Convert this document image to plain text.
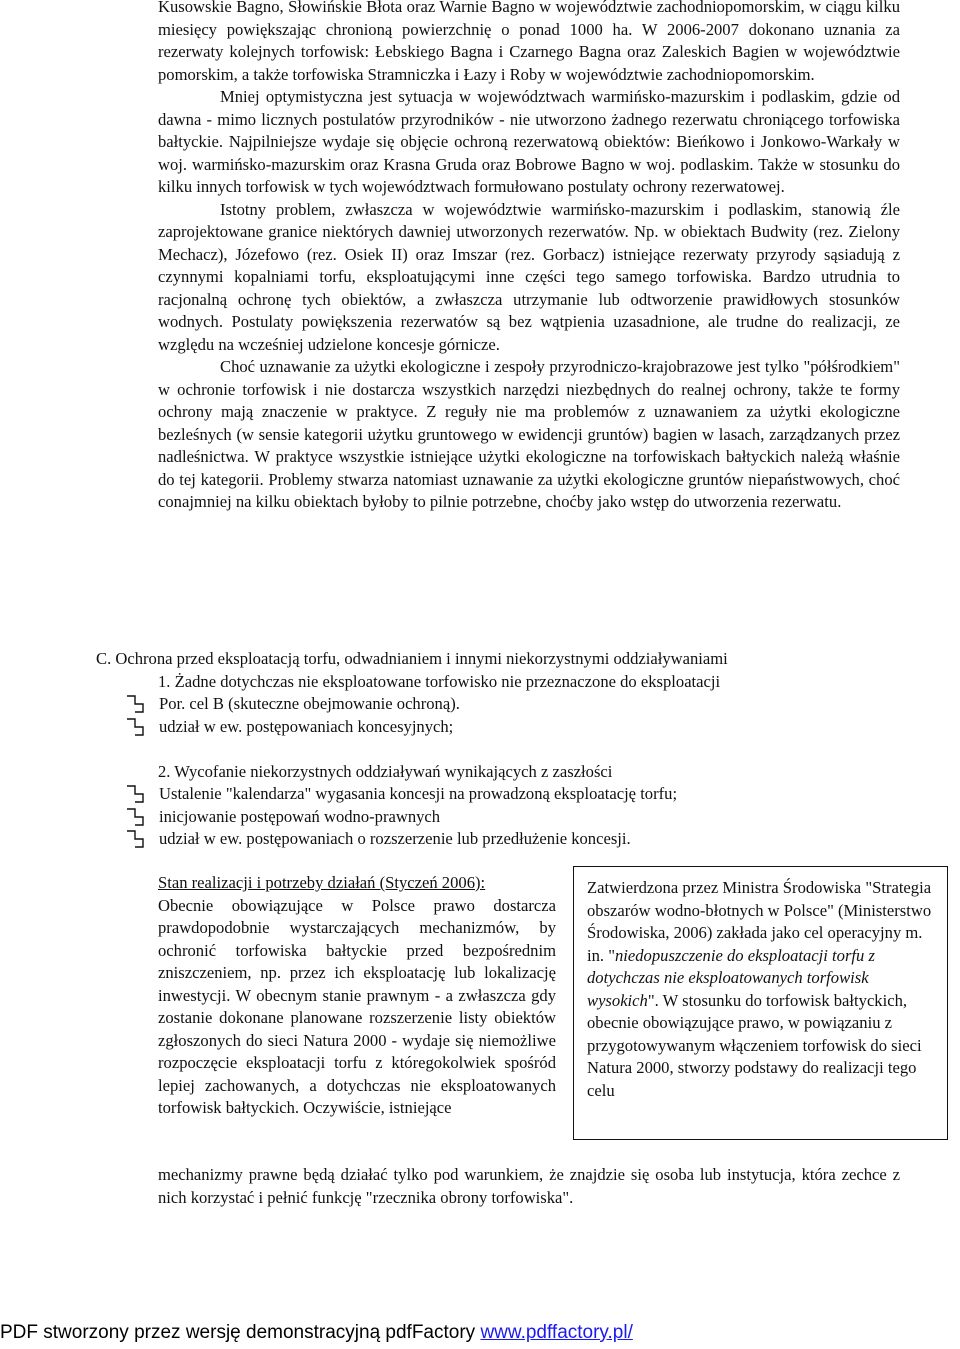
Kusowskie Bagno, Słowińskie Błota oraz Warnie Bagno w województwie zachodniopomorskim, w ciągu kilku miesięcy powiększając chronioną powierzchnię o ponad 1000 ha. W 2006-2007 dokonano uznania za rezerwaty kolejnych torfowisk: Łebskiego Bagna i Czarnego Bagna oraz Zaleskich Bagien w województwie pomorskim, a także torfowiska Stramniczka i Łazy i Roby w województwie zachodniopomorskim.

Mniej optymistyczna jest sytuacja w województwach warmińsko-mazurskim i podlaskim, gdzie od dawna - mimo licznych postulatów przyrodników - nie utworzono żadnego rezerwatu chroniącego torfowiska bałtyckie. Najpilniejsze wydaje się objęcie ochroną rezerwatową obiektów: Bieńkowo i Jonkowo-Warkały w woj. warmińsko-mazurskim oraz Krasna Gruda oraz Bobrowe Bagno w woj. podlaskim. Także w stosunku do kilku innych torfowisk w tych województwach formułowano postulaty ochrony rezerwatowej.

Istotny problem, zwłaszcza w województwie warmińsko-mazurskim i podlaskim, stanowią źle zaprojektowane granice niektórych dawniej utworzonych rezerwatów. Np. w obiektach Budwity (rez. Zielony Mechacz), Józefowo (rez. Osiek II) oraz Imszar (rez. Gorbacz) istniejące rezerwaty przyrody sąsiadują z czynnymi kopalniami torfu, eksploatującymi inne części tego samego torfowiska. Bardzo utrudnia to racjonalną ochronę tych obiektów, a zwłaszcza utrzymanie lub odtworzenie prawidłowych stosunków wodnych. Postulaty powiększenia rezerwatów są bez wątpienia uzasadnione, ale trudne do realizacji, ze względu na wcześniej udzielone koncesje górnicze.

Choć uznawanie za użytki ekologiczne i zespoły przyrodniczo-krajobrazowe jest tylko "półśrodkiem" w ochronie torfowisk i nie dostarcza wszystkich narzędzi niezbędnych do realnej ochrony, także te formy ochrony mają znaczenie w praktyce. Z reguły nie ma problemów z uznawaniem za użytki ekologiczne bezleśnych (w sensie kategorii użytku gruntowego w ewidencji gruntów) bagien w lasach, zarządzanych przez nadleśnictwa. W praktyce wszystkie istniejące użytki ekologiczne na torfowiskach bałtyckich należą właśnie do tej kategorii. Problemy stwarza natomiast uznawanie za użytki ekologiczne gruntów niepaństwowych, choć conajmniej na kilku obiektach byłoby to pilnie potrzebne, choćby jako wstęp do utworzenia rezerwatu.

C. Ochrona przed eksploatacją torfu, odwadnianiem i innymi niekorzystnymi oddziaływaniami

1. Żadne dotychczas nie eksploatowane torfowisko nie przeznaczone do eksploatacji

Por. cel B (skuteczne obejmowanie ochroną).

udział w ew. postępowaniach koncesyjnych;

2. Wycofanie niekorzystnych oddziaływań wynikających z zaszłości

Ustalenie "kalendarza" wygasania koncesji na prowadzoną eksploatację torfu;

inicjowanie postępowań wodno-prawnych

udział w ew. postępowaniach o rozszerzenie lub przedłużenie koncesji.

Stan realizacji i potrzeby działań (Styczeń 2006):
Obecnie obowiązujące w Polsce prawo dostarcza prawdopodobnie wystarczających mechanizmów, by ochronić torfowiska bałtyckie przed bezpośrednim zniszczeniem, np. przez ich eksploatację lub lokalizację inwestycji. W obecnym stanie prawnym - a zwłaszcza gdy zostanie dokonane planowane rozszerzenie listy obiektów zgłoszonych do sieci Natura 2000 - wydaje się niemożliwe rozpoczęcie eksploatacji torfu z któregokolwiek spośród lepiej zachowanych, a dotychczas nie eksploatowanych torfowisk bałtyckich. Oczywiście, istniejące
mechanizmy prawne będą działać tylko pod warunkiem, że znajdzie się osoba lub instytucja, która zechce z nich korzystać i pełnić funkcję "rzecznika obrony torfowiska".
Zatwierdzona przez Ministra Środowiska "Strategia obszarów wodno-błotnych w Polsce" (Ministerstwo Środowiska, 2006) zakłada jako cel operacyjny m. in. "niedopuszczenie do eksploatacji torfu z dotychczas nie eksploatowanych torfowisk wysokich". W stosunku do torfowisk bałtyckich, obecnie obowiązujące prawo, w powiązaniu z przygotowywanym włączeniem torfowisk do sieci Natura 2000, stworzy podstawy do realizacji tego celu
PDF stworzony przez wersję demonstracyjną pdfFactory www.pdffactory.pl/
